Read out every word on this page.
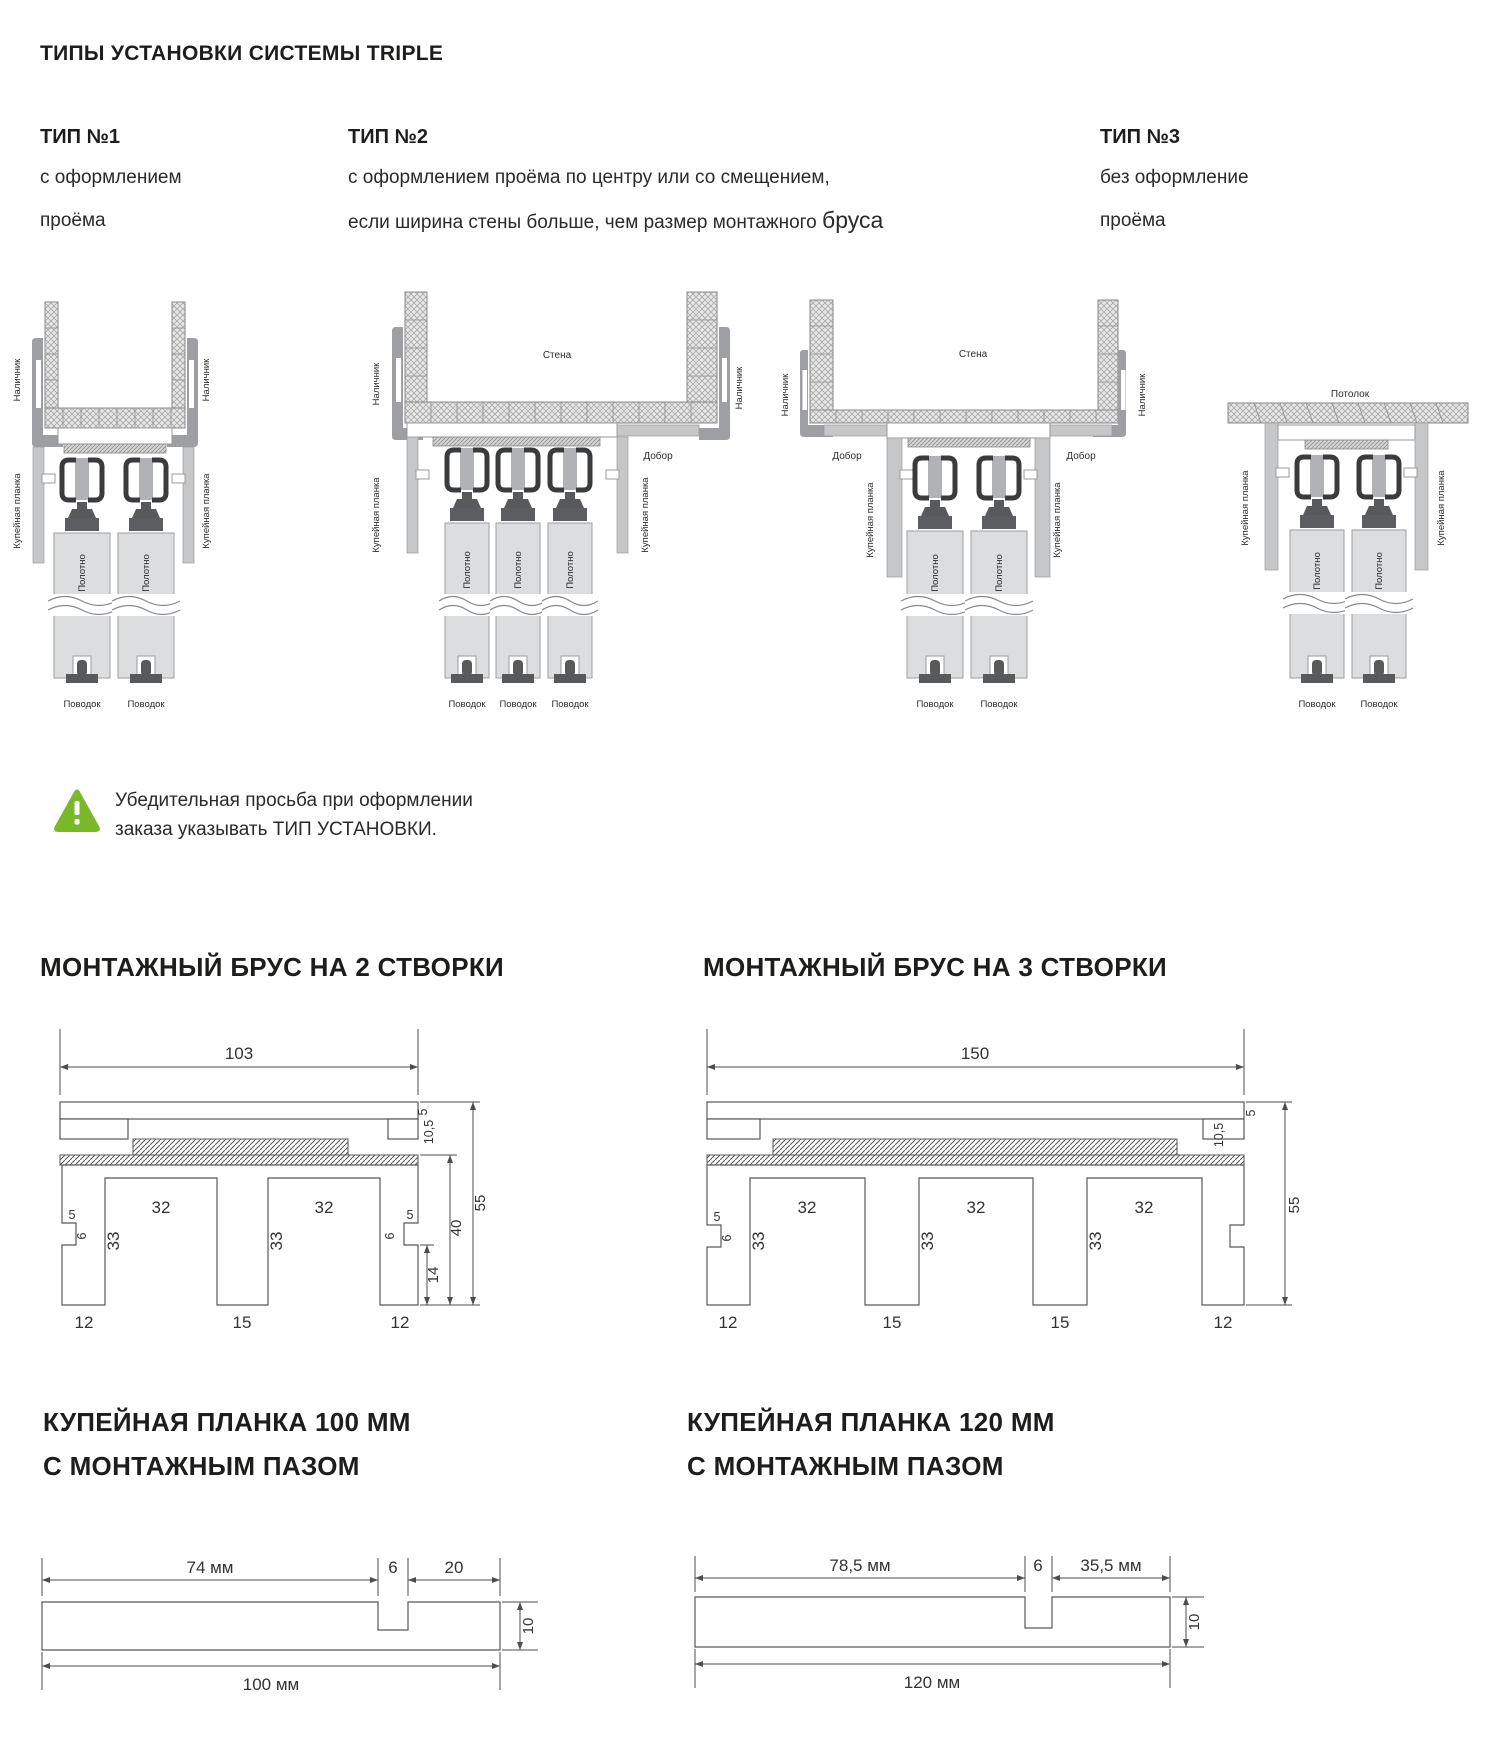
ТИПЫ УСТАНОВКИ СИСТЕМЫ TRIPLE
ТИП №1
с оформлением
проёма
ТИП №2
с оформлением проёма по центру или со смещением,
если ширина стены больше, чем размер монтажного бруса
ТИП №3
без оформление
проёма
Наличник	Наличник
Купейная планка	Купейная планка
Полотно	Полотно
Поводок	Поводок
Стена
Добор
Наличник	Наличник
Купейная планка	Купейная планка
Полотно	Полотно	Полотно
Поводок Поводок Поводок
Стена
Добор	Добор
Наличник	Наличник
Купейная планка	Купейная планка
Полотно	Полотно
Поводок	Поводок
Потолок
Купейная планка	Купейная планка
Полотно	Полотно
Поводок	Поводок
Убедительная просьба при оформлении
заказа указывать ТИП УСТАНОВКИ.
МОНТАЖНЫЙ БРУС НА 2 СТВОРКИ	МОНТАЖНЫЙ БРУС НА 3 СТВОРКИ
103
5
10,5
32	32
33	33
5
6
5
6
12	15	12
14
40
55
150
5
10,5
32	32	32
33	33	33
5
6
12	15	15	12
55
КУПЕЙНАЯ ПЛАНКА 100 ММ
С МОНТАЖНЫМ ПАЗОМ
КУПЕЙНАЯ ПЛАНКА 120 ММ
С МОНТАЖНЫМ ПАЗОМ
74 мм	6	20
10
100 мм
78,5 мм	6 35,5 мм
10
120 мм
